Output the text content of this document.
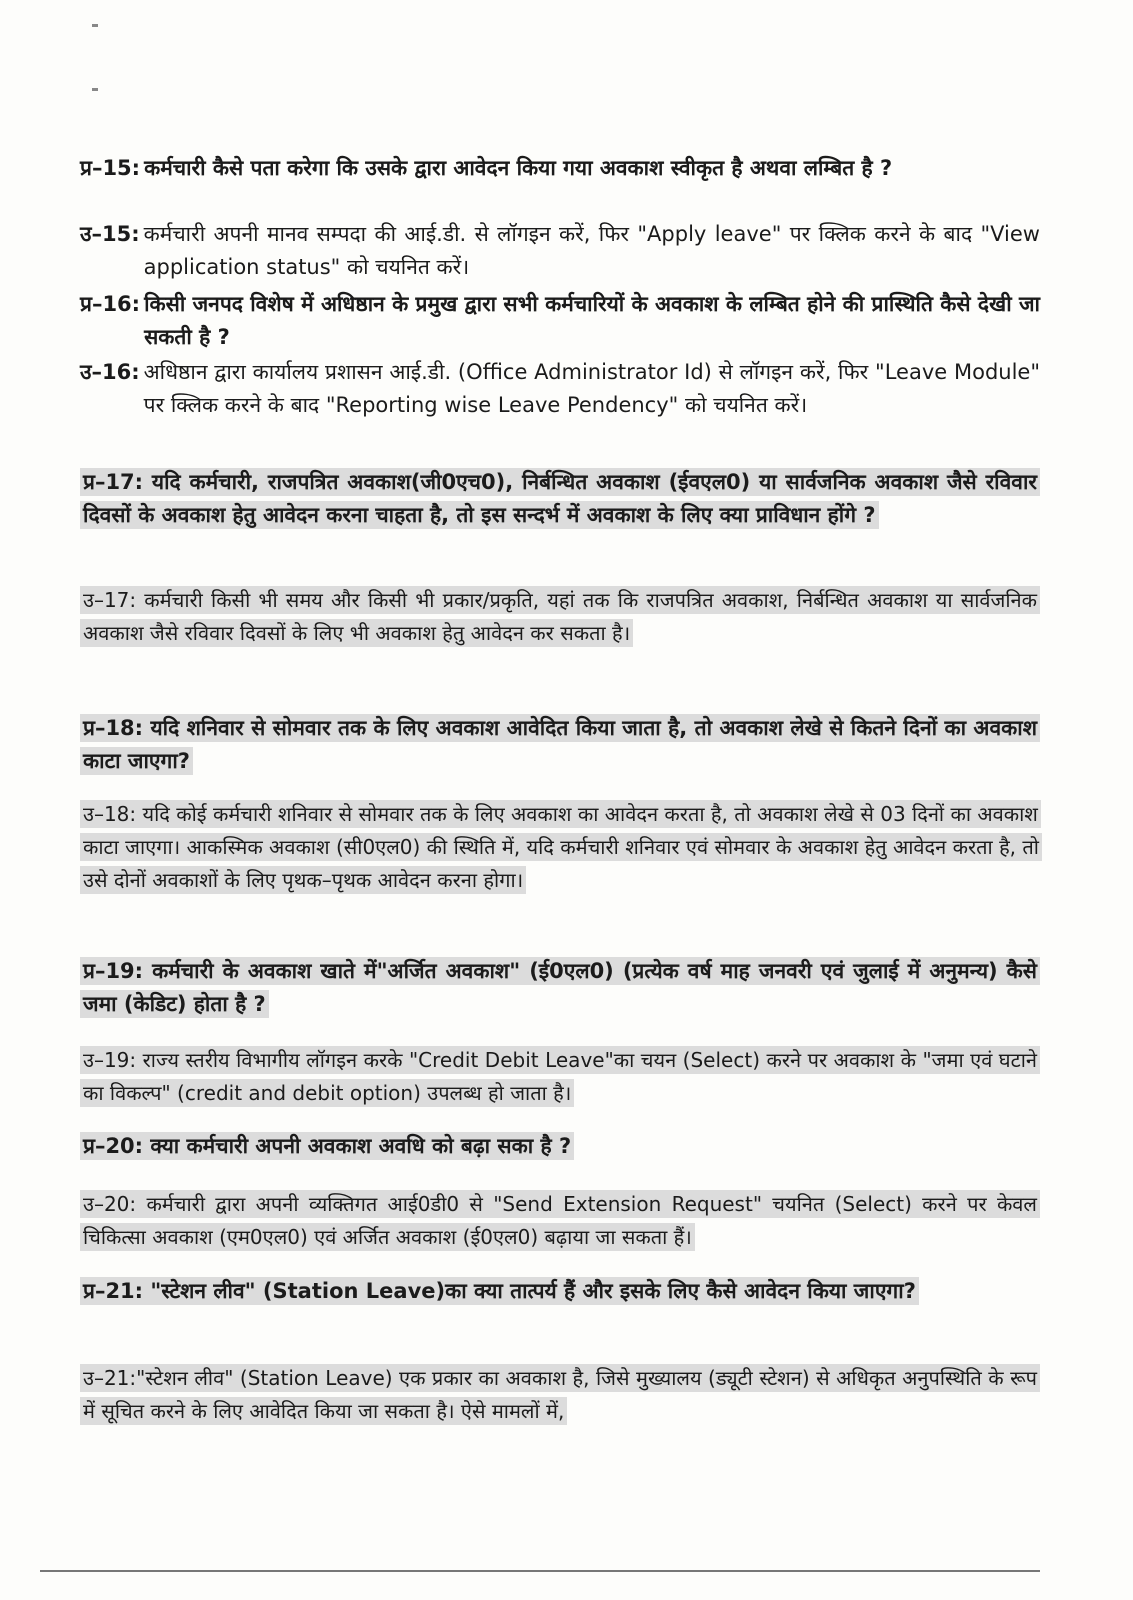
प्र–15: कर्मचारी कैसे पता करेगा कि उसके द्वारा आवेदन किया गया अवकाश स्वीकृत है अथवा लम्बित है ?
उ–15: कर्मचारी अपनी मानव सम्पदा की आई.डी. से लॉगइन करें, फिर "Apply leave" पर क्लिक करने के बाद "View application status" को चयनित करें।
प्र–16: किसी जनपद विशेष में अधिष्ठान के प्रमुख द्वारा सभी कर्मचारियों के अवकाश के लम्बित होने की प्रास्थिति कैसे देखी जा सकती है ?
उ–16: अधिष्ठान द्वारा कार्यालय प्रशासन आई.डी. (Office Administrator Id) से लॉगइन करें, फिर "Leave Module" पर क्लिक करने के बाद "Reporting wise Leave Pendency" को चयनित करें।
प्र–17: यदि कर्मचारी, राजपत्रित अवकाश(जी0एच0), निर्बन्धित अवकाश (ईवएल0) या सार्वजनिक अवकाश जैसे रविवार दिवसों के अवकाश हेतु आवेदन करना चाहता है, तो इस सन्दर्भ में अवकाश के लिए क्या प्राविधान होंगे ?
उ–17: कर्मचारी किसी भी समय और किसी भी प्रकार/प्रकृति, यहां तक कि राजपत्रित अवकाश, निर्बन्धित अवकाश या सार्वजनिक अवकाश जैसे रविवार दिवसों के लिए भी अवकाश हेतु आवेदन कर सकता है।
प्र–18: यदि शनिवार से सोमवार तक के लिए अवकाश आवेदित किया जाता है, तो अवकाश लेखे से कितने दिनों का अवकाश काटा जाएगा?
उ–18: यदि कोई कर्मचारी शनिवार से सोमवार तक के लिए अवकाश का आवेदन करता है, तो अवकाश लेखे से 03 दिनों का अवकाश काटा जाएगा। आकस्मिक अवकाश (सी0एल0) की स्थिति में, यदि कर्मचारी शनिवार एवं सोमवार के अवकाश हेतु आवेदन करता है, तो उसे दोनों अवकाशों के लिए पृथक–पृथक आवेदन करना होगा।
प्र–19: कर्मचारी के अवकाश खाते में"अर्जित अवकाश" (ई0एल0) (प्रत्येक वर्ष माह जनवरी एवं जुलाई में अनुमन्य) कैसे जमा (केडिट) होता है ?
उ–19: राज्य स्तरीय विभागीय लॉगइन करके "Credit Debit Leave"का चयन (Select) करने पर अवकाश के "जमा एवं घटाने का विकल्प" (credit and debit option) उपलब्ध हो जाता है।
प्र–20: क्या कर्मचारी अपनी अवकाश अवधि को बढ़ा सका है ?
उ–20: कर्मचारी द्वारा अपनी व्यक्तिगत आई0डी0 से "Send Extension Request" चयनित (Select) करने पर केवल चिकित्सा अवकाश (एम0एल0) एवं अर्जित अवकाश (ई0एल0) बढ़ाया जा सकता हैं।
प्र–21: "स्टेशन लीव" (Station Leave)का क्या तात्पर्य हैं और इसके लिए कैसे आवेदन किया जाएगा?
उ–21:"स्टेशन लीव" (Station Leave) एक प्रकार का अवकाश है, जिसे मुख्यालय (ड्यूटी स्टेशन) से अधिकृत अनुपस्थिति के रूप में सूचित करने के लिए आवेदित किया जा सकता है। ऐसे मामलों में,
